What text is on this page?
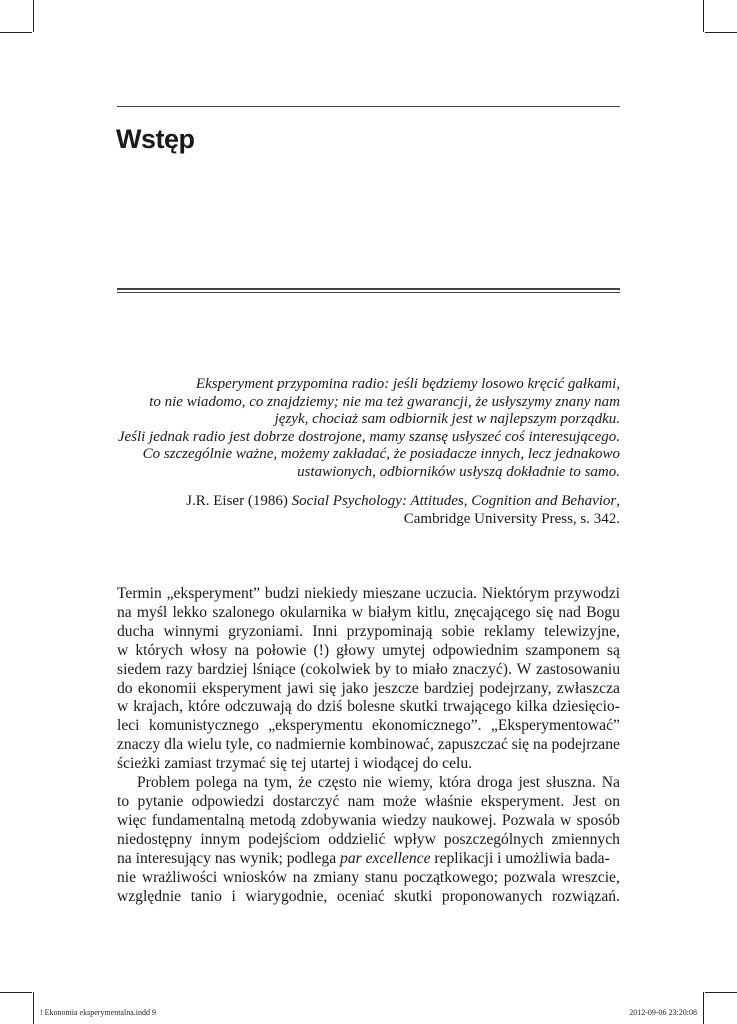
Wstęp
Eksperyment przypomina radio: jeśli będziemy losowo kręcić gałkami,
to nie wiadomo, co znajdziemy; nie ma też gwarancji, że usłyszymy znany nam
język, chociaż sam odbiornik jest w najlepszym porządku.
Jeśli jednak radio jest dobrze dostrojone, mamy szansę usłyszeć coś interesującego.
Co szczególnie ważne, możemy zakładać, że posiadacze innych, lecz jednakowo
ustawionych, odbiorników usłyszą dokładnie to samo.
J.R. Eiser (1986) Social Psychology: Attitudes, Cognition and Behavior,
Cambridge University Press, s. 342.
Termin „eksperyment” budzi niekiedy mieszane uczucia. Niektórym przywodzi
na myśl lekko szalonego okularnika w białym kitlu, znęcającego się nad Bogu
ducha winnymi gryzoniami. Inni przypominają sobie reklamy telewizyjne,
w których włosy na połowie (!) głowy umytej odpowiednim szamponem są
siedem razy bardziej lśniące (cokolwiek by to miało znaczyć). W zastosowaniu
do ekonomii eksperyment jawi się jako jeszcze bardziej podejrzany, zwłaszcza
w krajach, które odczuwają do dziś bolesne skutki trwającego kilka dziesięcio-
leci komunistycznego „eksperymentu ekonomicznego”. „Eksperymentować”
znaczy dla wielu tyle, co nadmiernie kombinować, zapuszczać się na podejrzane
ścieżki zamiast trzymać się tej utartej i wiodącej do celu.
Problem polega na tym, że często nie wiemy, która droga jest słuszna. Na
to pytanie odpowiedzi dostarczyć nam może właśnie eksperyment. Jest on
więc fundamentalną metodą zdobywania wiedzy naukowej. Pozwala w sposób
niedostępny innym podejściom oddzielić wpływ poszczególnych zmiennych
na interesujący nas wynik; podlega par excellence replikacji i umożliwia bada-
nie wrażliwości wniosków na zmiany stanu początkowego; pozwala wreszcie,
względnie tanio i wiarygodnie, oceniać skutki proponowanych rozwiązań.
! Ekonomia eksperymentalna.indd 9	2012-09-06 23:20:08
